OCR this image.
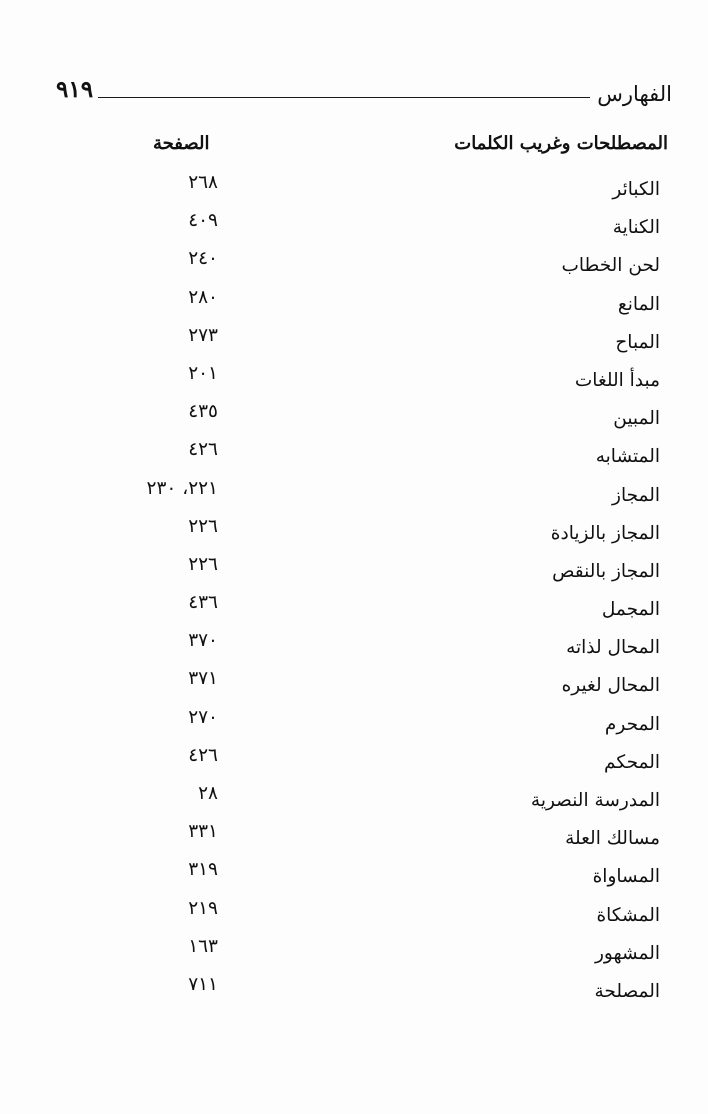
الفهارس
٩١٩
المصطلحات وغريب الكلمات
الصفحة
الكبائر
٢٦٨
الكناية
٤٠٩
لحن الخطاب
٢٤٠
المانع
٢٨٠
المباح
٢٧٣
مبدأ اللغات
٢٠١
المبين
٤٣٥
المتشابه
٤٢٦
المجاز
٢٢١، ٢٣٠
المجاز بالزيادة
٢٢٦
المجاز بالنقص
٢٢٦
المجمل
٤٣٦
المحال لذاته
٣٧٠
المحال لغيره
٣٧١
المحرم
٢٧٠
المحكم
٤٢٦
المدرسة النصرية
٢٨
مسالك العلة
٣٣١
المساواة
٣١٩
المشكاة
٢١٩
المشهور
١٦٣
المصلحة
٧١١
